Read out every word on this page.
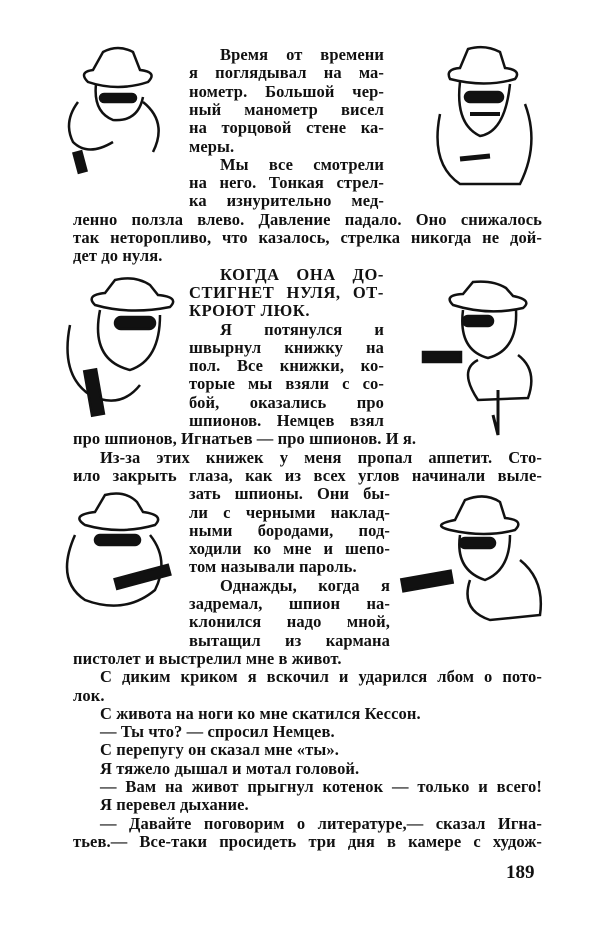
Время от времени
я поглядывал на ма-
нометр. Большой чер-
ный манометр висел
на торцовой стене ка-
меры.
Мы все смотрели
на него. Тонкая стрел-
ка изнурительно мед-
ленно ползла влево. Давление падало. Оно снижалось
так неторопливо, что казалось, стрелка никогда не дой-
дет до нуля.
КОГДА ОНА ДО-
СТИГНЕТ НУЛЯ, ОТ-
КРОЮТ ЛЮК.
Я потянулся и
швырнул книжку на
пол. Все книжки, ко-
торые мы взяли с со-
бой, оказались про
шпионов. Немцев взял
про шпионов, Игнатьев — про шпионов. И я.
Из-за этих книжек у меня пропал аппетит. Сто-
ило закрыть глаза, как из всех углов начинали выле-
зать шпионы. Они бы-
ли с черными наклад-
ными бородами, под-
ходили ко мне и шепо-
том называли пароль.
Однажды, когда я
задремал, шпион на-
клонился надо мной,
вытащил из кармана
пистолет и выстрелил мне в живот.
С диким криком я вскочил и ударился лбом о пото-
лок.
С живота на ноги ко мне скатился Кессон.
— Ты что? — спросил Немцев.
С перепугу он сказал мне «ты».
Я тяжело дышал и мотал головой.
— Вам на живот прыгнул котенок — только и всего!
Я перевел дыхание.
— Давайте поговорим о литературе,— сказал Игна-
тьев.— Все-таки просидеть три дня в камере с худож-
189
